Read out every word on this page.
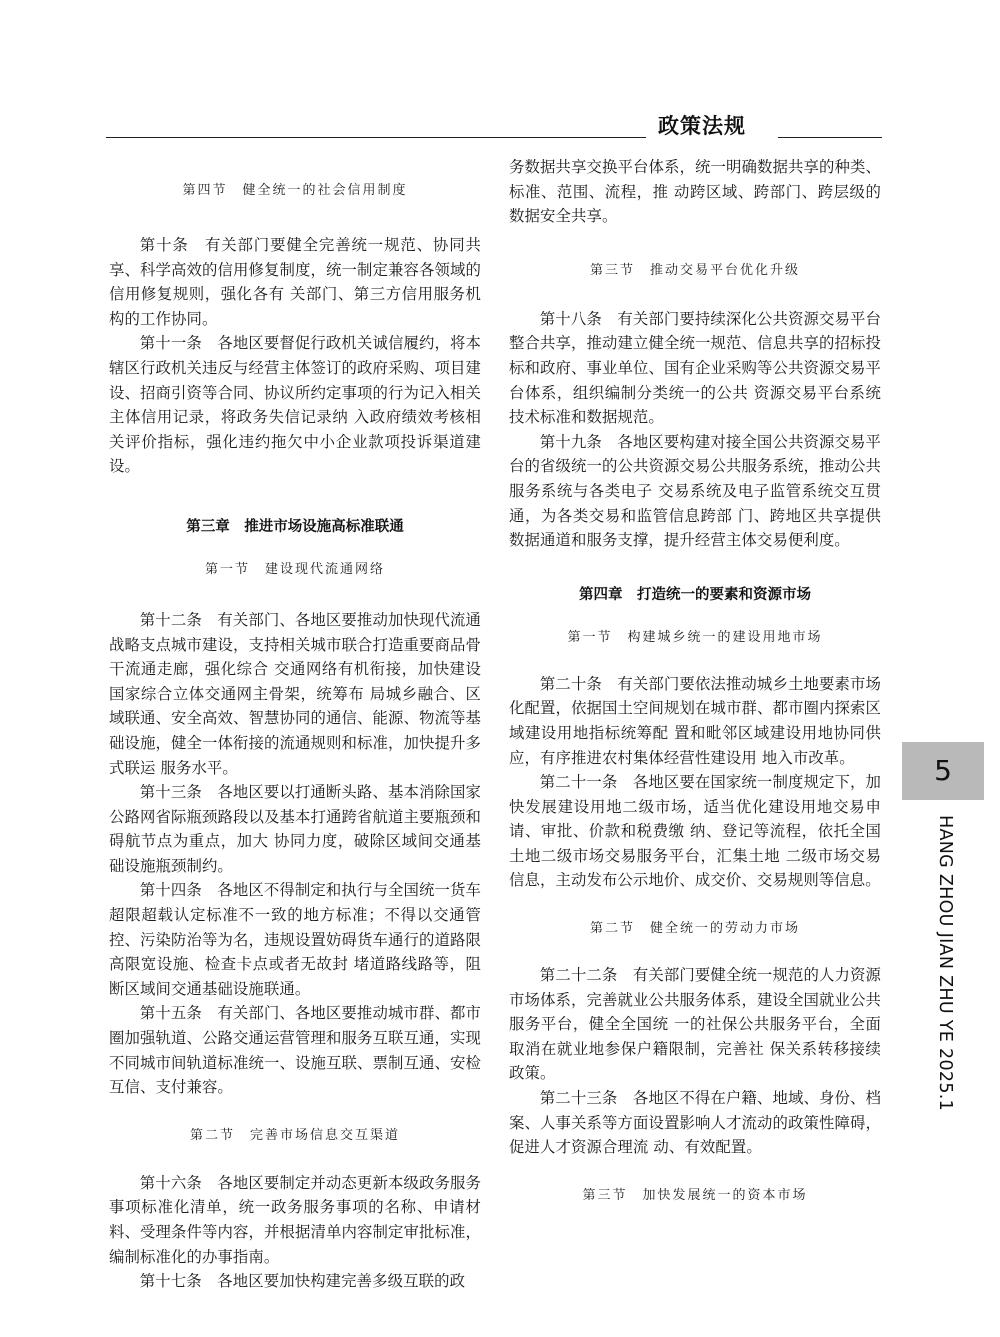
政策法规

第四节　健全统一的社会信用制度

第十条　有关部门要健全完善统一规范、协同共享、科学高效的信用修复制度，统一制定兼容各领域的信用修复规则，强化各有 关部门、第三方信用服务机构的工作协同。

第十一条　各地区要督促行政机关诚信履约，将本辖区行政机关违反与经营主体签订的政府采购、项目建设、招商引资等合同、协议所约定事项的行为记入相关主体信用记录，将政务失信记录纳 入政府绩效考核相关评价指标，强化违约拖欠中小企业款项投诉渠道建设。

第三章　推进市场设施高标准联通

第一节　建设现代流通网络

第十二条　有关部门、各地区要推动加快现代流通战略支点城市建设，支持相关城市联合打造重要商品骨干流通走廊，强化综合 交通网络有机衔接，加快建设国家综合立体交通网主骨架，统筹布 局城乡融合、区域联通、安全高效、智慧协同的通信、能源、物流等基础设施，健全一体衔接的流通规则和标准，加快提升多式联运 服务水平。

第十三条　各地区要以打通断头路、基本消除国家公路网省际瓶颈路段以及基本打通跨省航道主要瓶颈和碍航节点为重点，加大 协同力度，破除区域间交通基础设施瓶颈制约。

第十四条　各地区不得制定和执行与全国统一货车超限超载认定标准不一致的地方标准；不得以交通管控、污染防治等为名，违规设置妨碍货车通行的道路限高限宽设施、检查卡点或者无故封 堵道路线路等，阻断区域间交通基础设施联通。

第十五条　有关部门、各地区要推动城市群、都市圈加强轨道、公路交通运营管理和服务互联互通，实现不同城市间轨道标准统一、设施互联、票制互通、安检互信、支付兼容。

第二节　完善市场信息交互渠道

第十六条　各地区要制定并动态更新本级政务服务事项标准化清单，统一政务服务事项的名称、申请材料、受理条件等内容，并根据清单内容制定审批标准，编制标准化的办事指南。

第十七条　各地区要加快构建完善多级互联的政

务数据共享交换平台体系，统一明确数据共享的种类、标准、范围、流程，推 动跨区域、跨部门、跨层级的数据安全共享。

第三节　推动交易平台优化升级

第十八条　有关部门要持续深化公共资源交易平台整合共享，推动建立健全统一规范、信息共享的招标投标和政府、事业单位、国有企业采购等公共资源交易平台体系，组织编制分类统一的公共 资源交易平台系统技术标准和数据规范。

第十九条　各地区要构建对接全国公共资源交易平台的省级统一的公共资源交易公共服务系统，推动公共服务系统与各类电子 交易系统及电子监管系统交互贯通，为各类交易和监管信息跨部 门、跨地区共享提供数据通道和服务支撑，提升经营主体交易便利度。

第四章　打造统一的要素和资源市场

第一节　构建城乡统一的建设用地市场

第二十条　有关部门要依法推动城乡土地要素市场化配置，依据国土空间规划在城市群、都市圈内探索区域建设用地指标统筹配 置和毗邻区域建设用地协同供应，有序推进农村集体经营性建设用 地入市改革。

第二十一条　各地区要在国家统一制度规定下，加快发展建设用地二级市场，适当优化建设用地交易申请、审批、价款和税费缴 纳、登记等流程，依托全国土地二级市场交易服务平台，汇集土地 二级市场交易信息，主动发布公示地价、成交价、交易规则等信息。

第二节　健全统一的劳动力市场

第二十二条　有关部门要健全统一规范的人力资源市场体系，完善就业公共服务体系，建设全国就业公共服务平台，健全全国统 一的社保公共服务平台，全面取消在就业地参保户籍限制，完善社 保关系转移接续政策。

第二十三条　各地区不得在户籍、地域、身份、档案、人事关系等方面设置影响人才流动的政策性障碍，促进人才资源合理流 动、有效配置。

第三节　加快发展统一的资本市场

5
HANG ZHOU JIAN ZHU YE 2025.1
